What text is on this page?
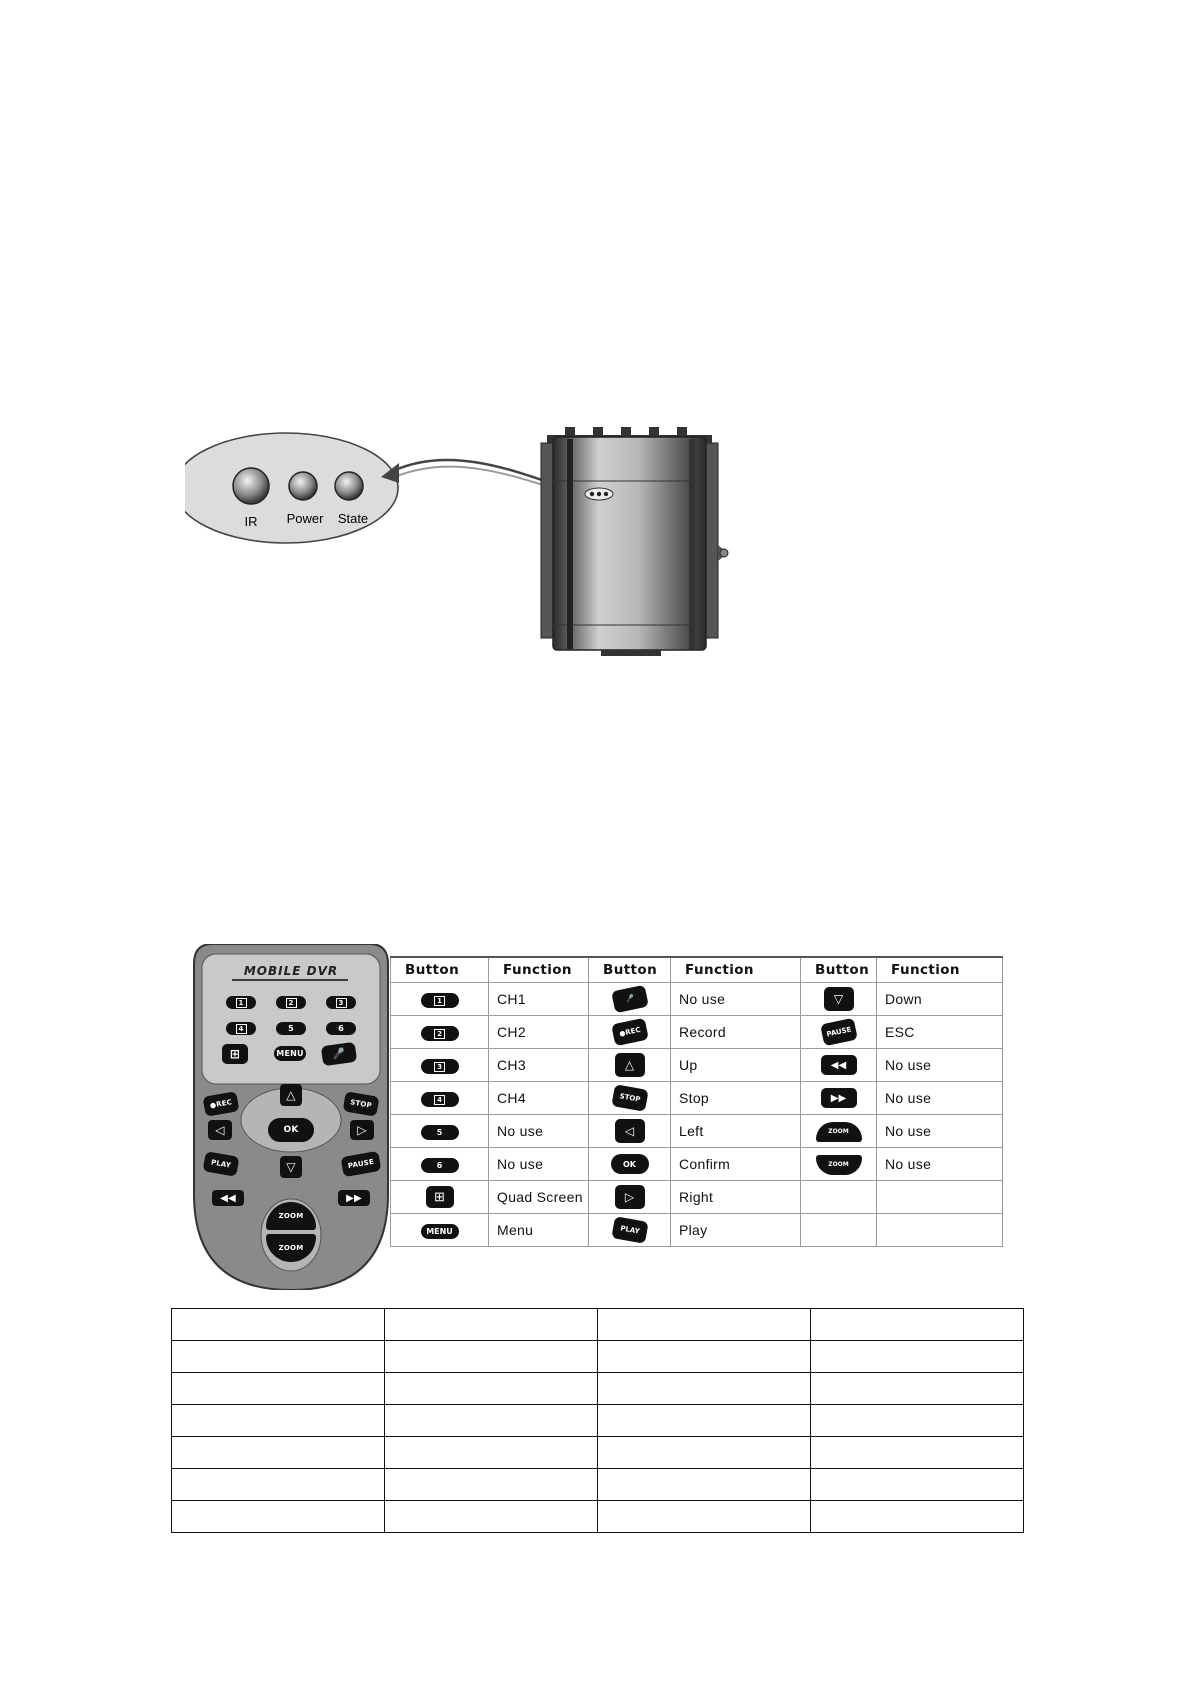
IR Power State
MOBILE DVR
1	2	3
4	5	6
⊞	MENU	🎤
●REC
△
STOP
◁	OK	▷
PLAY	▽	PAUSE
◀◀	▶▶
ZOOM
ZOOM
Button	Function	Button	Function	Button	Function

1	CH1	🎤	No use	▽	Down

2	CH2	●REC	Record	PAUSE	ESC

3	CH3	△	Up	◀◀	No use

4	CH4	STOP	Stop	▶▶	No use
5	No use	◁	Left	ZOOM	No use
6	No use	OK	Confirm	ZOOM	No use
⊞	Quad Screen	▷	Right		
MENU	Menu	PLAY	Play		
